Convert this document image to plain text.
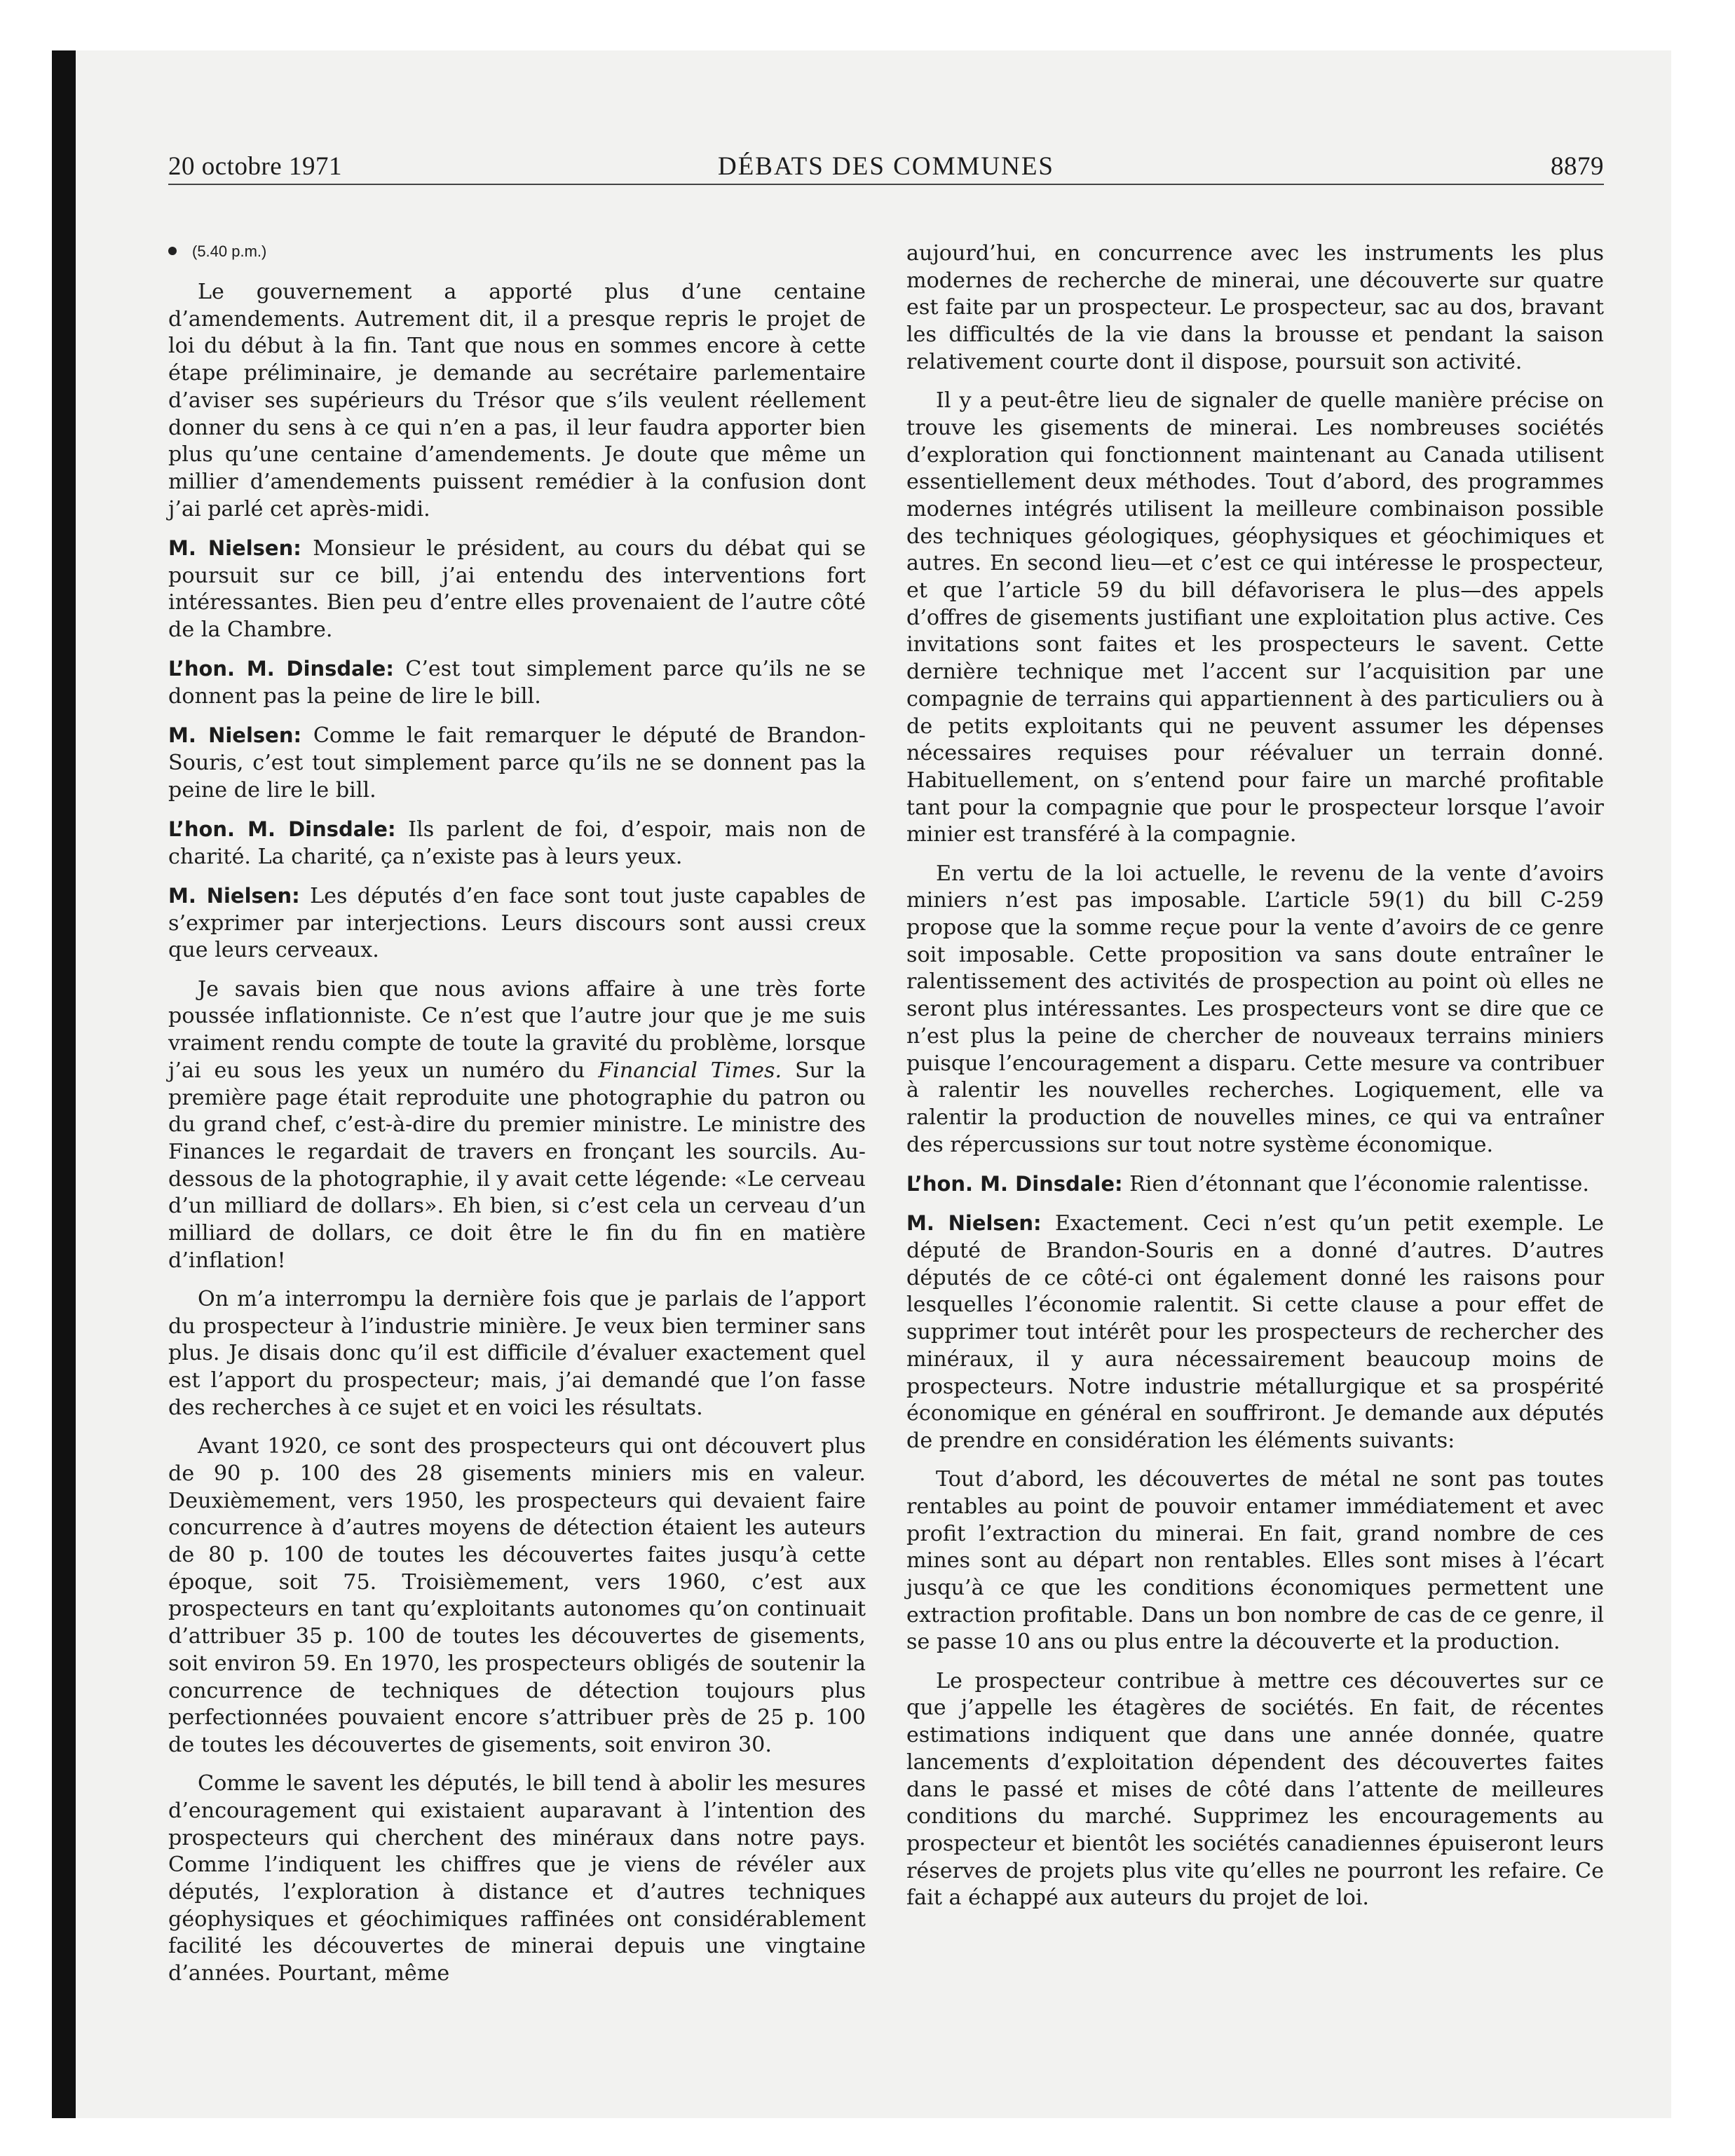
DÉBATS DES COMMUNES
20 octobre 1971	8879
(5.40 p.m.)

Le gouvernement a apporté plus d’une centaine d’amendements. Autrement dit, il a presque repris le projet de loi du début à la fin. Tant que nous en sommes encore à cette étape préliminaire, je demande au secrétaire parlementaire d’aviser ses supérieurs du Trésor que s’ils veulent réellement donner du sens à ce qui n’en a pas, il leur faudra apporter bien plus qu’une centaine d’amendements. Je doute que même un millier d’amendements puissent remédier à la confusion dont j’ai parlé cet après-midi.

M. Nielsen: Monsieur le président, au cours du débat qui se poursuit sur ce bill, j’ai entendu des interventions fort intéressantes. Bien peu d’entre elles provenaient de l’autre côté de la Chambre.

L’hon. M. Dinsdale: C’est tout simplement parce qu’ils ne se donnent pas la peine de lire le bill.

M. Nielsen: Comme le fait remarquer le député de Brandon-Souris, c’est tout simplement parce qu’ils ne se donnent pas la peine de lire le bill.

L’hon. M. Dinsdale: Ils parlent de foi, d’espoir, mais non de charité. La charité, ça n’existe pas à leurs yeux.

M. Nielsen: Les députés d’en face sont tout juste capables de s’exprimer par interjections. Leurs discours sont aussi creux que leurs cerveaux.

Je savais bien que nous avions affaire à une très forte poussée inflationniste. Ce n’est que l’autre jour que je me suis vraiment rendu compte de toute la gravité du problème, lorsque j’ai eu sous les yeux un numéro du Financial Times. Sur la première page était reproduite une photographie du patron ou du grand chef, c’est-à-dire du premier ministre. Le ministre des Finances le regardait de travers en fronçant les sourcils. Au-dessous de la photographie, il y avait cette légende: «Le cerveau d’un milliard de dollars». Eh bien, si c’est cela un cerveau d’un milliard de dollars, ce doit être le fin du fin en matière d’inflation!

On m’a interrompu la dernière fois que je parlais de l’apport du prospecteur à l’industrie minière. Je veux bien terminer sans plus. Je disais donc qu’il est difficile d’évaluer exactement quel est l’apport du prospecteur; mais, j’ai demandé que l’on fasse des recherches à ce sujet et en voici les résultats.

Avant 1920, ce sont des prospecteurs qui ont découvert plus de 90 p. 100 des 28 gisements miniers mis en valeur. Deuxièmement, vers 1950, les prospecteurs qui devaient faire concurrence à d’autres moyens de détection étaient les auteurs de 80 p. 100 de toutes les découvertes faites jusqu’à cette époque, soit 75. Troisièmement, vers 1960, c’est aux prospecteurs en tant qu’exploitants autonomes qu’on continuait d’attribuer 35 p. 100 de toutes les découvertes de gisements, soit environ 59. En 1970, les prospecteurs obligés de soutenir la concurrence de techniques de détection toujours plus perfectionnées pouvaient encore s’attribuer près de 25 p. 100 de toutes les découvertes de gisements, soit environ 30.

Comme le savent les députés, le bill tend à abolir les mesures d’encouragement qui existaient auparavant à l’intention des prospecteurs qui cherchent des minéraux dans notre pays. Comme l’indiquent les chiffres que je viens de révéler aux députés, l’exploration à distance et d’autres techniques géophysiques et géochimiques raffinées ont considérablement facilité les découvertes de minerai depuis une vingtaine d’années. Pourtant, même

aujourd’hui, en concurrence avec les instruments les plus modernes de recherche de minerai, une découverte sur quatre est faite par un prospecteur. Le prospecteur, sac au dos, bravant les difficultés de la vie dans la brousse et pendant la saison relativement courte dont il dispose, poursuit son activité.

Il y a peut-être lieu de signaler de quelle manière précise on trouve les gisements de minerai. Les nombreuses sociétés d’exploration qui fonctionnent maintenant au Canada utilisent essentiellement deux méthodes. Tout d’abord, des programmes modernes intégrés utilisent la meilleure combinaison possible des techniques géologiques, géophysiques et géochimiques et autres. En second lieu—et c’est ce qui intéresse le prospecteur, et que l’article 59 du bill défavorisera le plus—des appels d’offres de gisements justifiant une exploitation plus active. Ces invitations sont faites et les prospecteurs le savent. Cette dernière technique met l’accent sur l’acquisition par une compagnie de terrains qui appartiennent à des particuliers ou à de petits exploitants qui ne peuvent assumer les dépenses nécessaires requises pour réévaluer un terrain donné. Habituellement, on s’entend pour faire un marché profitable tant pour la compagnie que pour le prospecteur lorsque l’avoir minier est transféré à la compagnie.

En vertu de la loi actuelle, le revenu de la vente d’avoirs miniers n’est pas imposable. L’article 59(1) du bill C-259 propose que la somme reçue pour la vente d’avoirs de ce genre soit imposable. Cette proposition va sans doute entraîner le ralentissement des activités de prospection au point où elles ne seront plus intéressantes. Les prospecteurs vont se dire que ce n’est plus la peine de chercher de nouveaux terrains miniers puisque l’encouragement a disparu. Cette mesure va contribuer à ralentir les nouvelles recherches. Logiquement, elle va ralentir la production de nouvelles mines, ce qui va entraîner des répercussions sur tout notre système économique.

L’hon. M. Dinsdale: Rien d’étonnant que l’économie ralentisse.

M. Nielsen: Exactement. Ceci n’est qu’un petit exemple. Le député de Brandon-Souris en a donné d’autres. D’autres députés de ce côté-ci ont également donné les raisons pour lesquelles l’économie ralentit. Si cette clause a pour effet de supprimer tout intérêt pour les prospecteurs de rechercher des minéraux, il y aura nécessairement beaucoup moins de prospecteurs. Notre industrie métallurgique et sa prospérité économique en général en souffriront. Je demande aux députés de prendre en considération les éléments suivants:

Tout d’abord, les découvertes de métal ne sont pas toutes rentables au point de pouvoir entamer immédiatement et avec profit l’extraction du minerai. En fait, grand nombre de ces mines sont au départ non rentables. Elles sont mises à l’écart jusqu’à ce que les conditions économiques permettent une extraction profitable. Dans un bon nombre de cas de ce genre, il se passe 10 ans ou plus entre la découverte et la production.

Le prospecteur contribue à mettre ces découvertes sur ce que j’appelle les étagères de sociétés. En fait, de récentes estimations indiquent que dans une année donnée, quatre lancements d’exploitation dépendent des découvertes faites dans le passé et mises de côté dans l’attente de meilleures conditions du marché. Supprimez les encouragements au prospecteur et bientôt les sociétés canadiennes épuiseront leurs réserves de projets plus vite qu’elles ne pourront les refaire. Ce fait a échappé aux auteurs du projet de loi.
